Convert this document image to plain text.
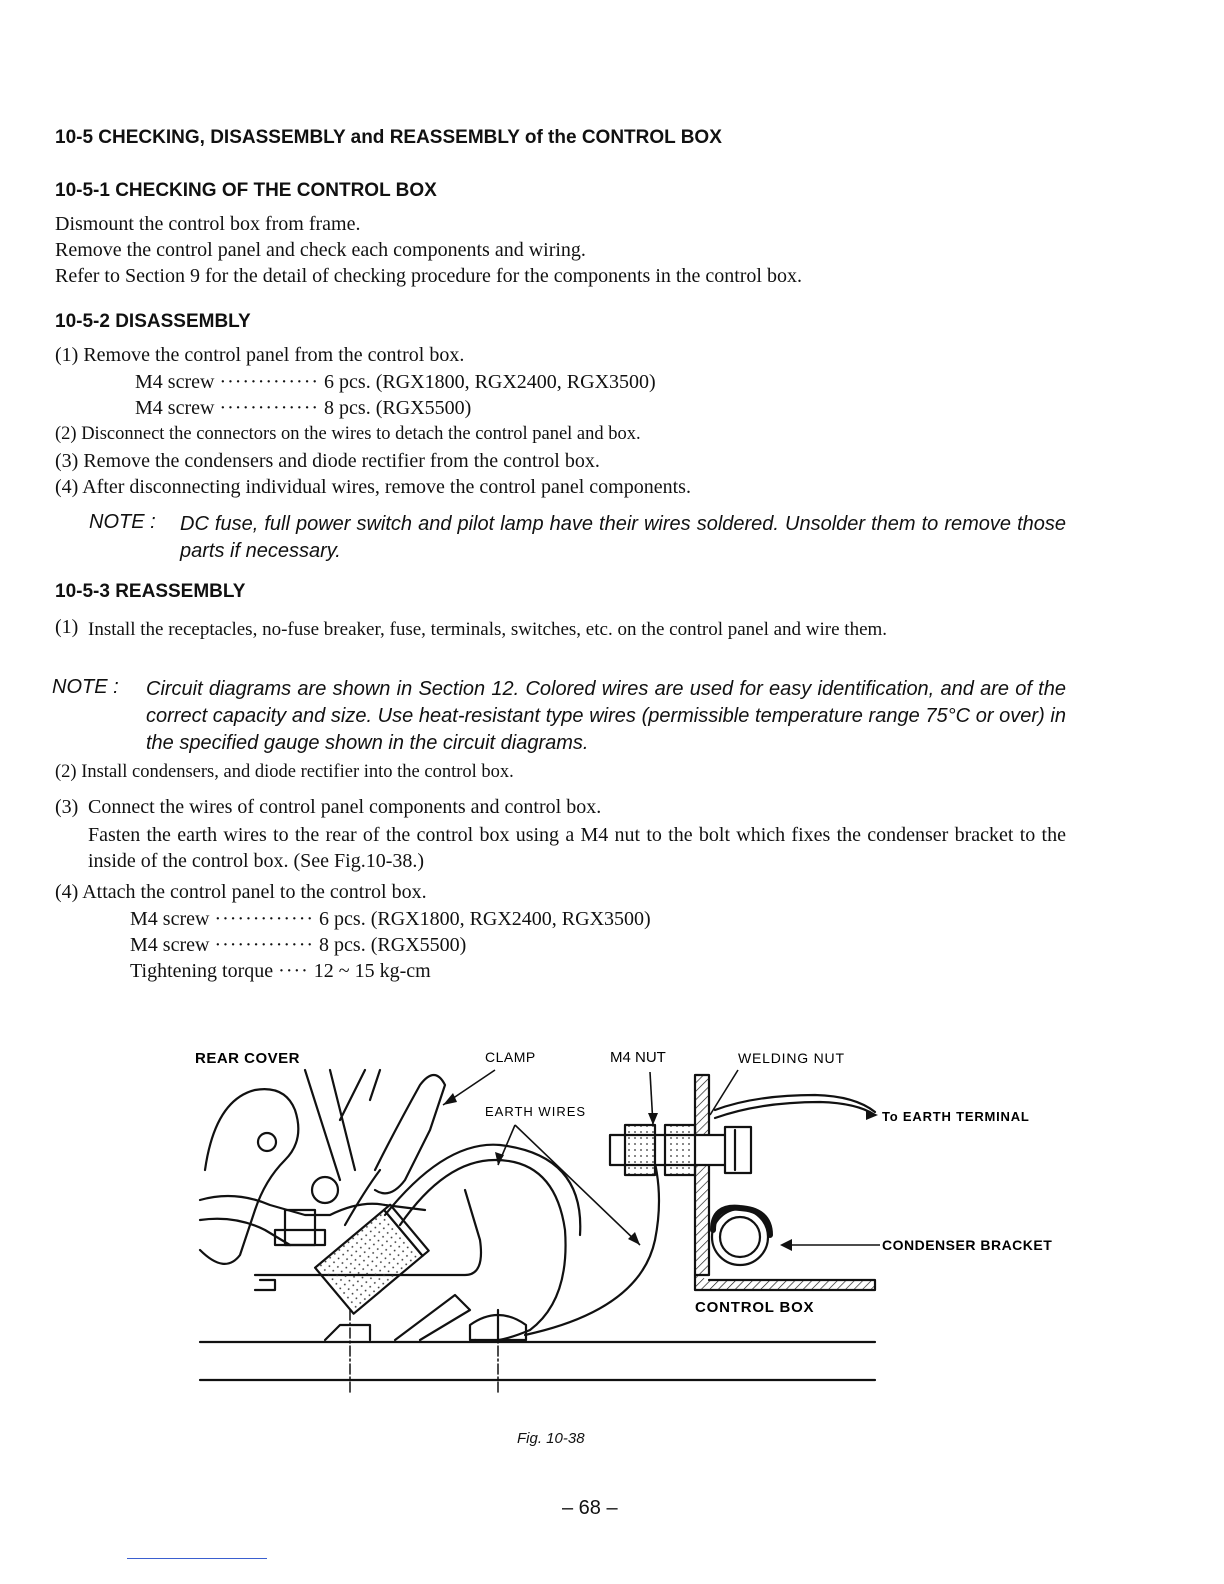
10-5 CHECKING, DISASSEMBLY and REASSEMBLY of the CONTROL BOX
10-5-1 CHECKING OF THE CONTROL BOX
Dismount the control box from frame.
Remove the control panel and check each components and wiring.
Refer to Section 9 for the detail of checking procedure for the components in the control box.
10-5-2 DISASSEMBLY
(1) Remove the control panel from the control box.
M4 screw ············· 6 pcs. (RGX1800, RGX2400, RGX3500)
M4 screw ············· 8 pcs. (RGX5500)
(2) Disconnect the connectors on the wires to detach the control panel and box.
(3) Remove the condensers and diode rectifier from the control box.
(4) After disconnecting individual wires, remove the control panel components.
NOTE : DC fuse, full power switch and pilot lamp have their wires soldered. Unsolder them to remove those parts if necessary.
10-5-3 REASSEMBLY
(1) Install the receptacles, no-fuse breaker, fuse, terminals, switches, etc. on the control panel and wire them.
NOTE : Circuit diagrams are shown in Section 12. Colored wires are used for easy identification, and are of the correct capacity and size. Use heat-resistant type wires (permissible temperature range 75°C or over) in the specified gauge shown in the circuit diagrams.
(2) Install condensers, and diode rectifier into the control box.
(3) Connect the wires of control panel components and control box.
Fasten the earth wires to the rear of the control box using a M4 nut to the bolt which fixes the condenser bracket to the inside of the control box. (See Fig.10-38.)
(4) Attach the control panel to the control box.
M4 screw ············· 6 pcs. (RGX1800, RGX2400, RGX3500)
M4 screw ············· 8 pcs. (RGX5500)
Tightening torque ···· 12 ~ 15 kg-cm
REAR COVER	CLAMP	M4 NUT	WELDING NUT
EARTH WIRES	To EARTH TERMINAL
CONDENSER BRACKET
CONTROL BOX
Fig. 10-38
– 68 –
